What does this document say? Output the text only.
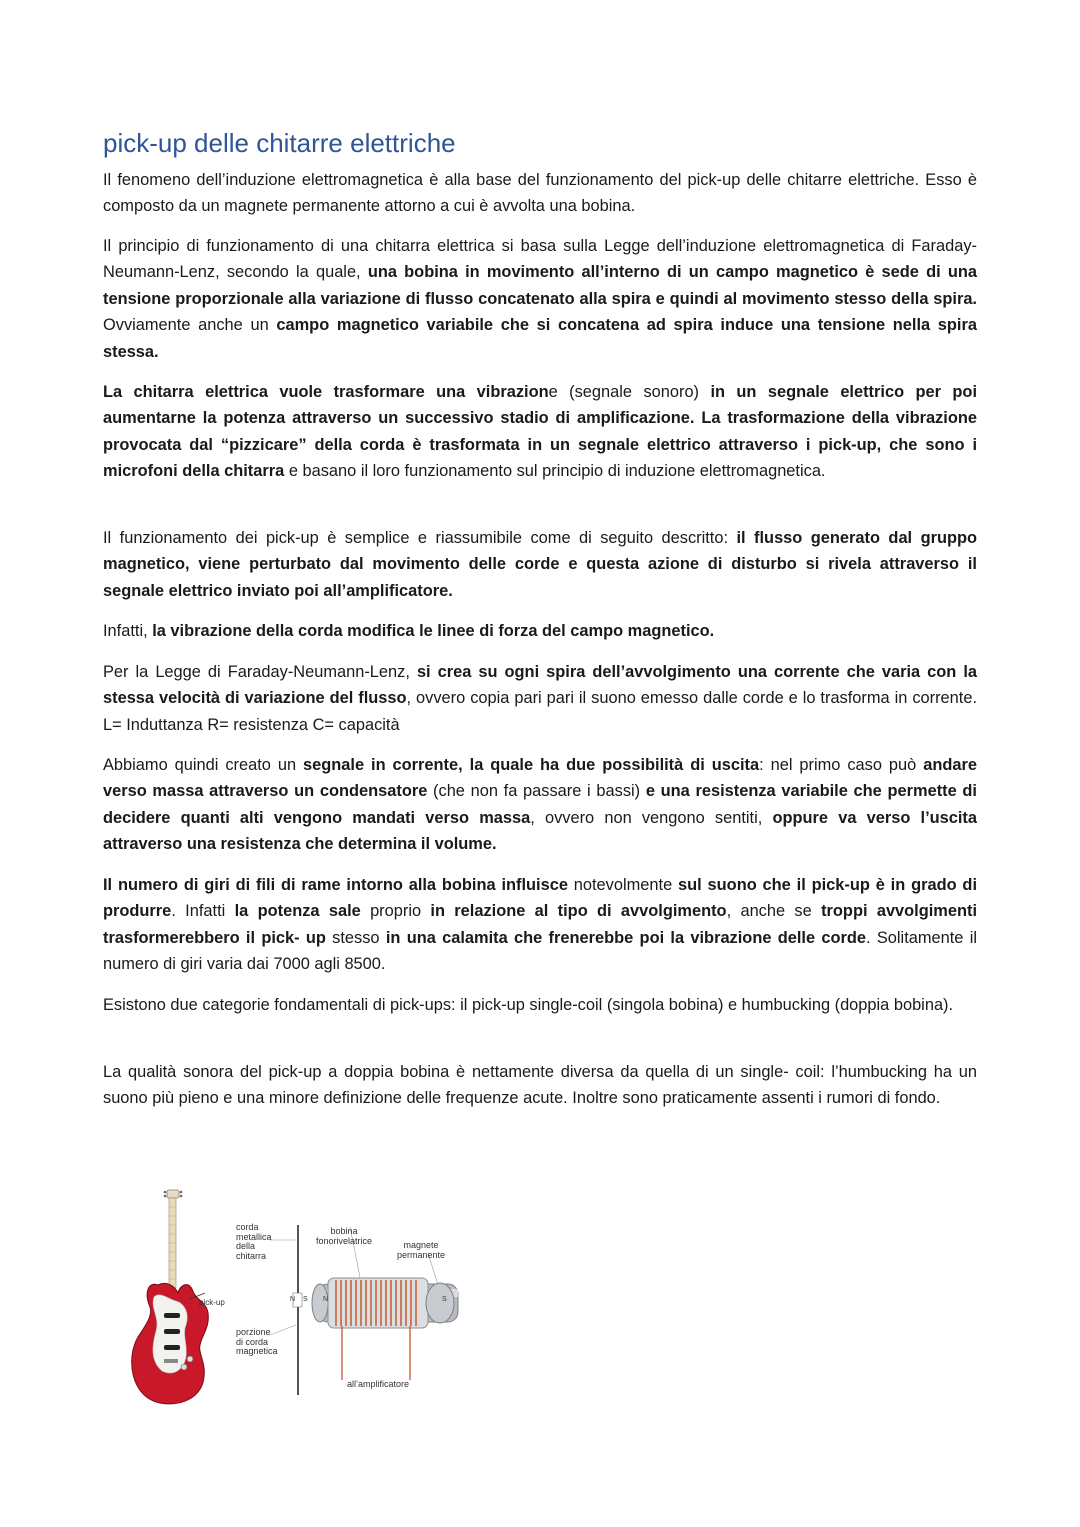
pick-up delle chitarre elettriche

Il fenomeno dell’induzione elettromagnetica è alla base del funzionamento del pick-up delle chitarre elettriche. Esso è composto da un magnete permanente attorno a cui è avvolta una bobina.

Il principio di funzionamento di una chitarra elettrica si basa sulla Legge dell’induzione elettromagnetica di Faraday-Neumann-Lenz, secondo la quale, una bobina in movimento all’interno di un campo magnetico è sede di una tensione proporzionale alla variazione di flusso concatenato alla spira e quindi al movimento stesso della spira. Ovviamente anche un campo magnetico variabile che si concatena ad spira induce una tensione nella spira stessa.

La chitarra elettrica vuole trasformare una vibrazione (segnale sonoro) in un segnale elettrico per poi aumentarne la potenza attraverso un successivo stadio di amplificazione. La trasformazione della vibrazione provocata dal “pizzicare” della corda è trasformata in un segnale elettrico attraverso i pick-up, che sono i microfoni della chitarra e basano il loro funzionamento sul principio di induzione elettromagnetica.

Il funzionamento dei pick-up è semplice e riassumibile come di seguito descritto: il flusso generato dal gruppo magnetico, viene perturbato dal movimento delle corde e questa azione di disturbo si rivela attraverso il segnale elettrico inviato poi all’amplificatore.

Infatti, la vibrazione della corda modifica le linee di forza del campo magnetico.

Per la Legge di Faraday-Neumann-Lenz, si crea su ogni spira dell’avvolgimento una corrente che varia con la stessa velocità di variazione del flusso, ovvero copia pari pari il suono emesso dalle corde e lo trasforma in corrente. L= Induttanza R= resistenza C= capacità

Abbiamo quindi creato un segnale in corrente, la quale ha due possibilità di uscita: nel primo caso può andare verso massa attraverso un condensatore (che non fa passare i bassi) e una resistenza variabile che permette di decidere quanti alti vengono mandati verso massa, ovvero non vengono sentiti, oppure va verso l’uscita attraverso una resistenza che determina il volume.

Il numero di giri di fili di rame intorno alla bobina influisce notevolmente sul suono che il pick-up è in grado di produrre. Infatti la potenza sale proprio in relazione al tipo di avvolgimento, anche se troppi avvolgimenti trasformerebbero il pick- up stesso in una calamita che frenerebbe poi la vibrazione delle corde. Solitamente il numero di giri varia dai 7000 agli 8500.

Esistono due categorie fondamentali di pick-ups: il pick-up single-coil (singola bobina) e humbucking (doppia bobina).

La qualità sonora del pick-up a doppia bobina è nettamente diversa da quella di un single- coil: l’humbucking ha un suono più pieno e una minore definizione delle frequenze acute. Inoltre sono praticamente assenti i rumori di fondo.

pick-up	N S N	S
corda
metallica
della
chitarra
bobina
fonorivelatrice	magnete
permanente
porzione
di corda
magnetica
all’amplificatore
